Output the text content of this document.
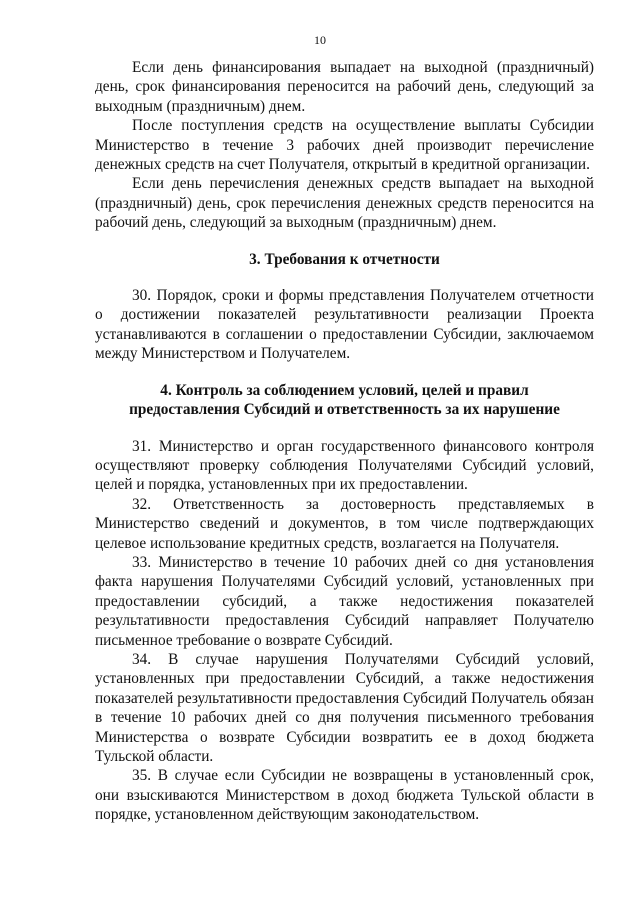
10

Если день финансирования выпадает на выходной (праздничный) день, срок финансирования переносится на рабочий день, следующий за выходным (праздничным) днем.

После поступления средств на осуществление выплаты Субсидии Министерство в течение 3 рабочих дней производит перечисление денежных средств на счет Получателя, открытый в кредитной организации.

Если день перечисления денежных средств выпадает на выходной (праздничный) день, срок перечисления денежных средств переносится на рабочий день, следующий за выходным (праздничным) днем.

3. Требования к отчетности

30. Порядок, сроки и формы представления Получателем отчетности о достижении показателей результативности реализации Проекта устанавливаются в соглашении о предоставлении Субсидии, заключаемом между Министерством и Получателем.

4. Контроль за соблюдением условий, целей и правил
предоставления Субсидий и ответственность за их нарушение

31. Министерство и орган государственного финансового контроля осуществляют проверку соблюдения Получателями Субсидий условий, целей и порядка, установленных при их предоставлении.

32. Ответственность за достоверность представляемых в Министерство сведений и документов, в том числе подтверждающих целевое использование кредитных средств, возлагается на Получателя.

33. Министерство в течение 10 рабочих дней со дня установления факта нарушения Получателями Субсидий условий, установленных при предоставлении субсидий, а также недостижения показателей результативности предоставления Субсидий направляет Получателю письменное требование о возврате Субсидий.

34. В случае нарушения Получателями Субсидий условий, установленных при предоставлении Субсидий, а также недостижения показателей результативности предоставления Субсидий Получатель обязан в течение 10 рабочих дней со дня получения письменного требования Министерства о возврате Субсидии возвратить ее в доход бюджета Тульской области.

35. В случае если Субсидии не возвращены в установленный срок, они взыскиваются Министерством в доход бюджета Тульской области в порядке, установленном действующим законодательством.
